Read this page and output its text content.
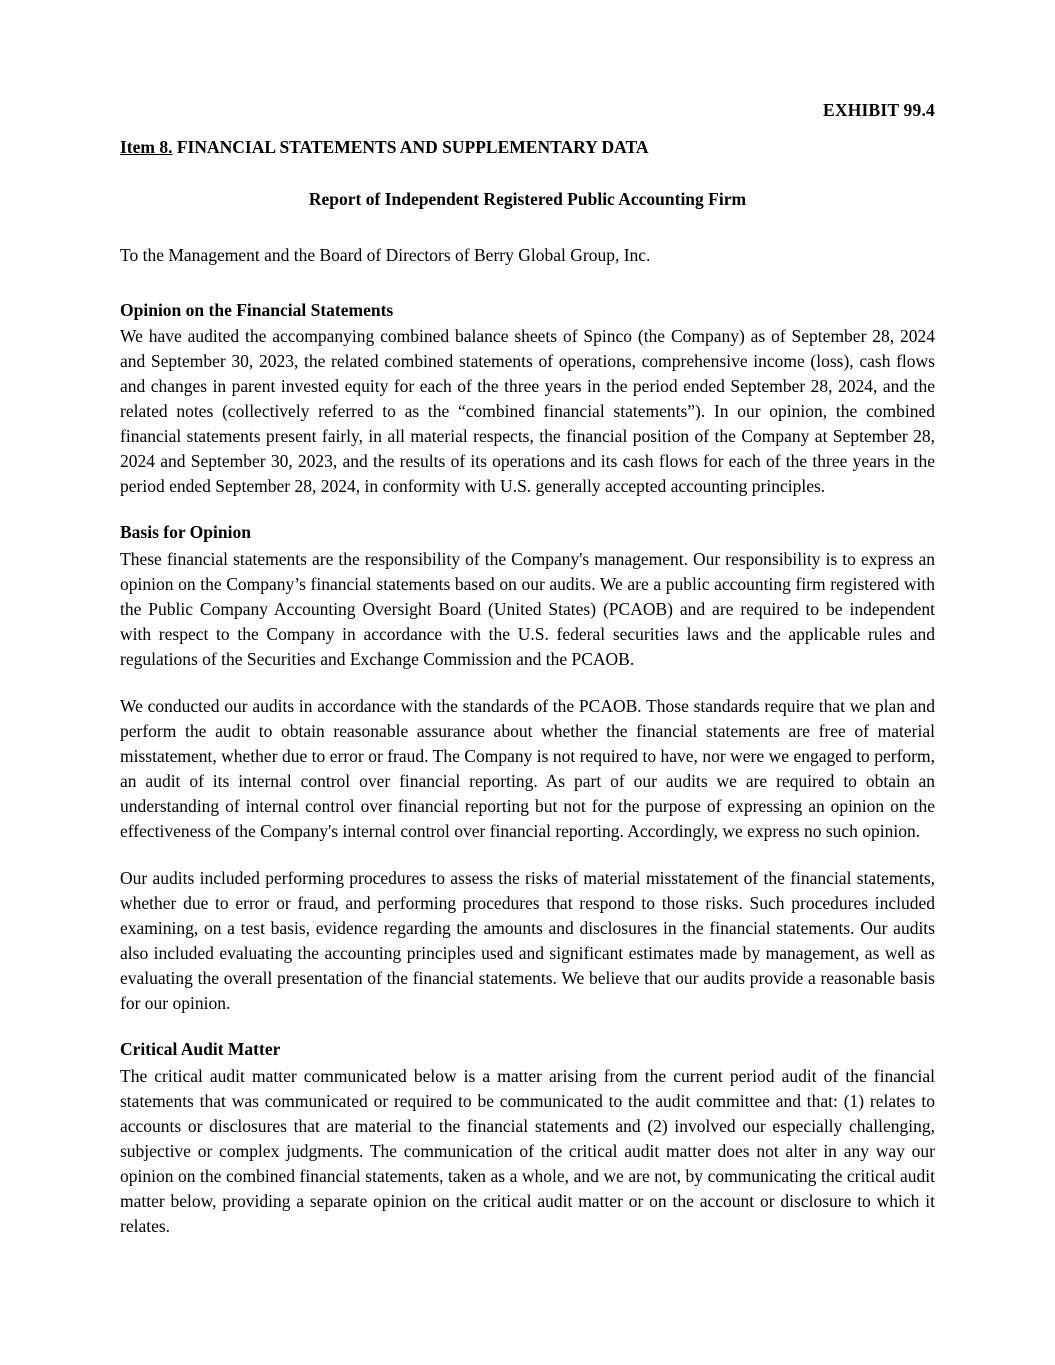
EXHIBIT 99.4
Item 8. FINANCIAL STATEMENTS AND SUPPLEMENTARY DATA
Report of Independent Registered Public Accounting Firm
To the Management and the Board of Directors of Berry Global Group, Inc.
Opinion on the Financial Statements

We have audited the accompanying combined balance sheets of Spinco (the Company) as of September 28, 2024 and September 30, 2023, the related combined statements of operations, comprehensive income (loss), cash flows and changes in parent invested equity for each of the three years in the period ended September 28, 2024, and the related notes (collectively referred to as the “combined financial statements”). In our opinion, the combined financial statements present fairly, in all material respects, the financial position of the Company at September 28, 2024 and September 30, 2023, and the results of its operations and its cash flows for each of the three years in the period ended September 28, 2024, in conformity with U.S. generally accepted accounting principles.

Basis for Opinion

These financial statements are the responsibility of the Company's management. Our responsibility is to express an opinion on the Company’s financial statements based on our audits. We are a public accounting firm registered with the Public Company Accounting Oversight Board (United States) (PCAOB) and are required to be independent with respect to the Company in accordance with the U.S. federal securities laws and the applicable rules and regulations of the Securities and Exchange Commission and the PCAOB.

We conducted our audits in accordance with the standards of the PCAOB. Those standards require that we plan and perform the audit to obtain reasonable assurance about whether the financial statements are free of material misstatement, whether due to error or fraud. The Company is not required to have, nor were we engaged to perform, an audit of its internal control over financial reporting. As part of our audits we are required to obtain an understanding of internal control over financial reporting but not for the purpose of expressing an opinion on the effectiveness of the Company's internal control over financial reporting. Accordingly, we express no such opinion.

Our audits included performing procedures to assess the risks of material misstatement of the financial statements, whether due to error or fraud, and performing procedures that respond to those risks. Such procedures included examining, on a test basis, evidence regarding the amounts and disclosures in the financial statements. Our audits also included evaluating the accounting principles used and significant estimates made by management, as well as evaluating the overall presentation of the financial statements. We believe that our audits provide a reasonable basis for our opinion.

Critical Audit Matter

The critical audit matter communicated below is a matter arising from the current period audit of the financial statements that was communicated or required to be communicated to the audit committee and that: (1) relates to accounts or disclosures that are material to the financial statements and (2) involved our especially challenging, subjective or complex judgments. The communication of the critical audit matter does not alter in any way our opinion on the combined financial statements, taken as a whole, and we are not, by communicating the critical audit matter below, providing a separate opinion on the critical audit matter or on the account or disclosure to which it relates.
